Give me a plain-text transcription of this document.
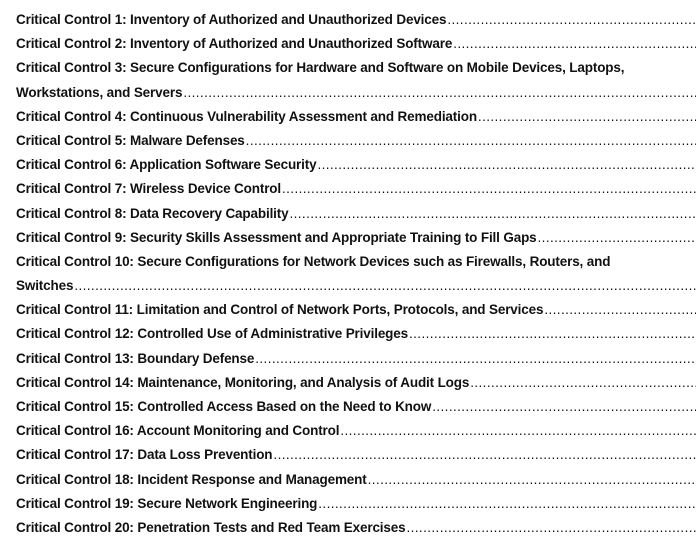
Critical Control 1: Inventory of Authorized and Unauthorized Devices
.....
Critical Control 2: Inventory of Authorized and Unauthorized Software
.....
Critical Control 3: Secure Configurations for Hardware and Software on Mobile Devices, Laptops,
Workstations, and Servers
.....
Critical Control 4: Continuous Vulnerability Assessment and Remediation
.....
Critical Control 5: Malware Defenses
.....
Critical Control 6: Application Software Security
.....
Critical Control 7: Wireless Device Control
.....
Critical Control 8: Data Recovery Capability
.....
Critical Control 9: Security Skills Assessment and Appropriate Training to Fill Gaps
.....
Critical Control 10: Secure Configurations for Network Devices such as Firewalls, Routers, and
Switches
.....
Critical Control 11: Limitation and Control of Network Ports, Protocols, and Services
.....
Critical Control 12: Controlled Use of Administrative Privileges
.....
Critical Control 13: Boundary Defense
.....
Critical Control 14: Maintenance, Monitoring, and Analysis of Audit Logs
.....
Critical Control 15: Controlled Access Based on the Need to Know
.....
Critical Control 16: Account Monitoring and Control
.....
Critical Control 17: Data Loss Prevention
.....
Critical Control 18: Incident Response and Management
.....
Critical Control 19: Secure Network Engineering
.....
Critical Control 20: Penetration Tests and Red Team Exercises
.....
